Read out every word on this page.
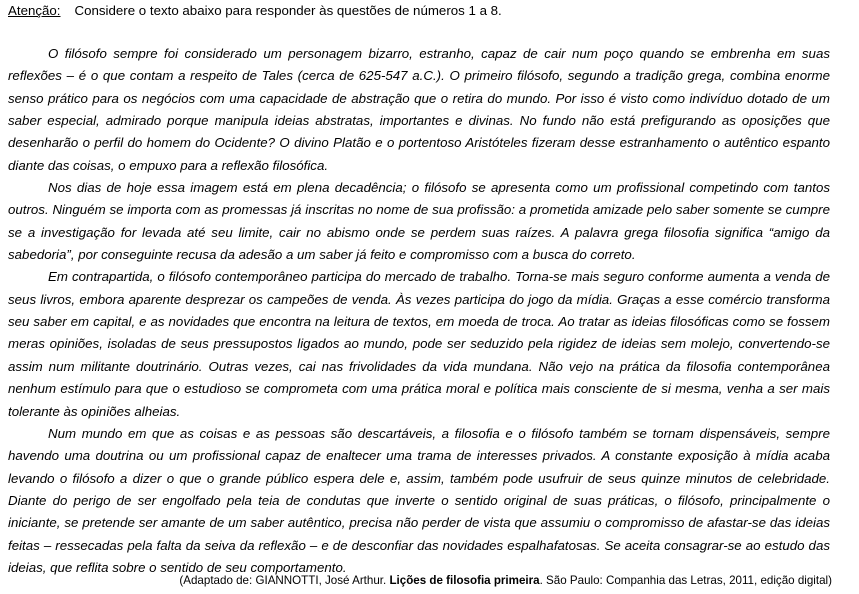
Atenção: Considere o texto abaixo para responder às questões de números 1 a 8.

O filósofo sempre foi considerado um personagem bizarro, estranho, capaz de cair num poço quando se embrenha em suas reflexões – é o que contam a respeito de Tales (cerca de 625-547 a.C.). O primeiro filósofo, segundo a tradição grega, combina enorme senso prático para os negócios com uma capacidade de abstração que o retira do mundo. Por isso é visto como indivíduo dotado de um saber especial, admirado porque manipula ideias abstratas, importantes e divinas. No fundo não está prefigurando as oposições que desenharão o perfil do homem do Ocidente? O divino Platão e o portentoso Aristóteles fizeram desse estranhamento o autêntico espanto diante das coisas, o empuxo para a reflexão filosófica.

Nos dias de hoje essa imagem está em plena decadência; o filósofo se apresenta como um profissional competindo com tantos outros. Ninguém se importa com as promessas já inscritas no nome de sua profissão: a prometida amizade pelo saber somente se cumpre se a investigação for levada até seu limite, cair no abismo onde se perdem suas raízes. A palavra grega filosofia significa “amigo da sabedoria”, por conseguinte recusa da adesão a um saber já feito e compromisso com a busca do correto.

Em contrapartida, o filósofo contemporâneo participa do mercado de trabalho. Torna-se mais seguro conforme aumenta a venda de seus livros, embora aparente desprezar os campeões de venda. Às vezes participa do jogo da mídia. Graças a esse comércio transforma seu saber em capital, e as novidades que encontra na leitura de textos, em moeda de troca. Ao tratar as ideias filosóficas como se fossem meras opiniões, isoladas de seus pressupostos ligados ao mundo, pode ser seduzido pela rigidez de ideias sem molejo, convertendo-se assim num militante doutrinário. Outras vezes, cai nas frivolidades da vida mundana. Não vejo na prática da filosofia contemporânea nenhum estímulo para que o estudioso se comprometa com uma prática moral e política mais consciente de si mesma, venha a ser mais tolerante às opiniões alheias.

Num mundo em que as coisas e as pessoas são descartáveis, a filosofia e o filósofo também se tornam dispensáveis, sempre havendo uma doutrina ou um profissional capaz de enaltecer uma trama de interesses privados. A constante exposição à mídia acaba levando o filósofo a dizer o que o grande público espera dele e, assim, também pode usufruir de seus quinze minutos de celebridade. Diante do perigo de ser engolfado pela teia de condutas que inverte o sentido original de suas práticas, o filósofo, principalmente o iniciante, se pretende ser amante de um saber autêntico, precisa não perder de vista que assumiu o compromisso de afastar-se das ideias feitas – ressecadas pela falta da seiva da reflexão – e de desconfiar das novidades espalhafatosas. Se aceita consagrar-se ao estudo das ideias, que reflita sobre o sentido de seu comportamento.

(Adaptado de: GIANNOTTI, José Arthur. Lições de filosofia primeira. São Paulo: Companhia das Letras, 2011, edição digital)
